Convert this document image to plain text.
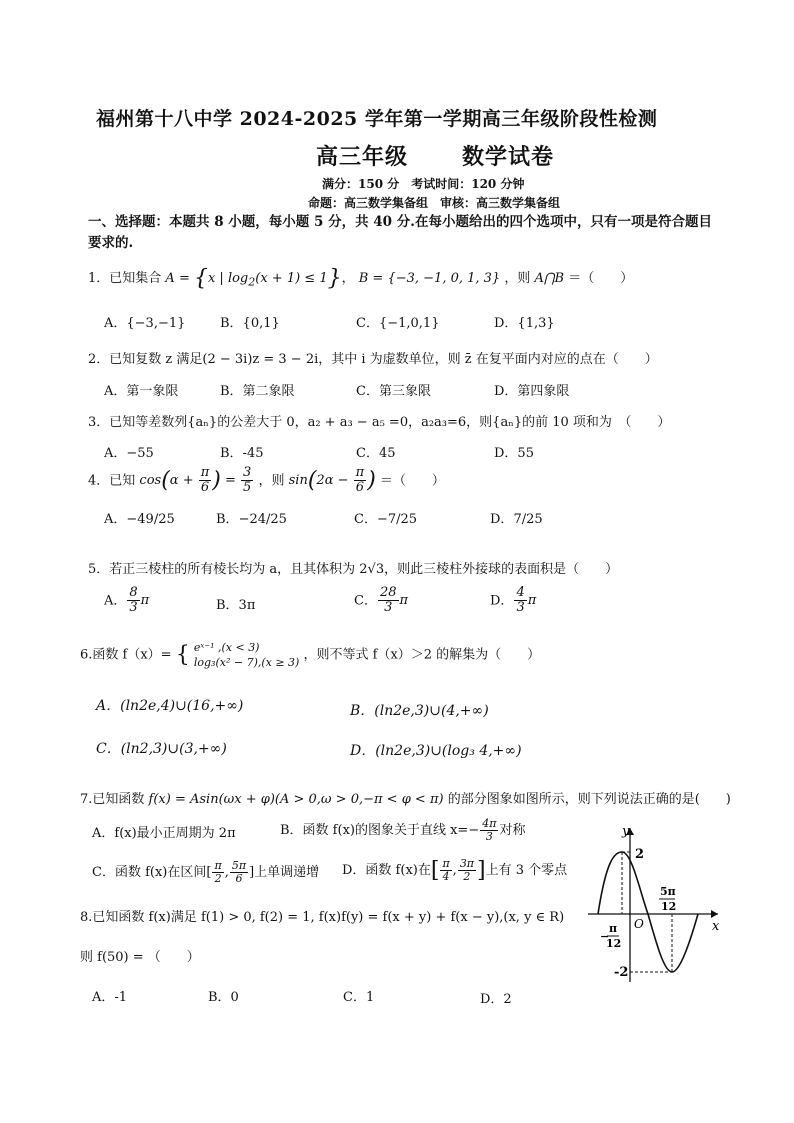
福州第十八中学 2024-2025 学年第一学期高三年级阶段性检测
高三年级 数学试卷
满分：150 分　考试时间：120 分钟
命题：高三数学集备组　审核：高三数学集备组
一、选择题：本题共 8 小题，每小题 5 分，共 40 分.在每小题给出的四个选项中，只有一项是符合题目要求的.
1．已知集合 A = {x | $\log_2(x + 1) \le 1$}， B = {−3, −1, 0, 1, 3} ，则 A⋂B ＝（　　）
A．{−3,−1}	B．{0,1}	C．{−1,0,1}	D．{1,3}
2．已知复数 z 满足(2 − 3i)z = 3 − 2i，其中 i 为虚数单位，则 z̄ 在复平面内对应的点在（　　）
A．第一象限	B．第二象限	C．第三象限	D．第四象限
3．已知等差数列{aₙ}的公差大于 0，a₂ + a₃ − a₅ =0，a₂a₃=6，则{aₙ}的前 10 项和为　（　　）
A．−55	B．-45	C．45	D．55
4．已知 $\cos(\alpha + \frac{\pi}{6}$ ) = $\frac{3}{5}$ ，则 $\sin(2\alpha - \frac{\pi}{6}$ ) ＝（　　）
A．−49/25	B．−24/25	C．−7/25	D．7/25
5．若正三棱柱的所有棱长均为 a，且其体积为 2√3，则此三棱柱外接球的表面积是（　　）
A． $\frac{8}{3}$ π	B．3π	C． $\frac{28}{3}$ π	D． $\frac{4}{3}$ π
6.函数 f（x）= { eˣ⁻¹ ,(x < 3)
log₃(x² − 7),(x ≥ 3) ，则不等式 f（x）＞2 的解集为（　　）
A．(ln2e,4)∪(16,+∞)	B．(ln2e,3)∪(4,+∞)
C．(ln2,3)∪(3,+∞)	D．(ln2e,3)∪(log₃ 4,+∞)
7.已知函数 f(x) = Asin(ωx + φ)(A > 0,ω > 0,−π < φ < π) 的部分图象如图所示，则下列说法正确的是(　　)
A．f(x)最小正周期为 2π	B．函数 f(x)的图象关于直线 $x=- \frac{4\pi}{3}$ 对称
C．函数 f(x)在区间[ $\frac{\pi}{2}$ , $\frac{5\pi}{6}$ ]上单调递增 D．函数 f(x)在[ $\frac{\pi}{4}$ , $\frac{3\pi}{2}$ ]上有 3 个零点
8.已知函数 f(x)满足 f(1) > 0, f(2) = 1, f(x)f(y) = f(x + y) + f(x − y),(x, y ∈ R)
则 f(50) = （　　）
A．-1	B．0	C．1	D．2
y
x
O
2
-2
−
π
12
5π
12
